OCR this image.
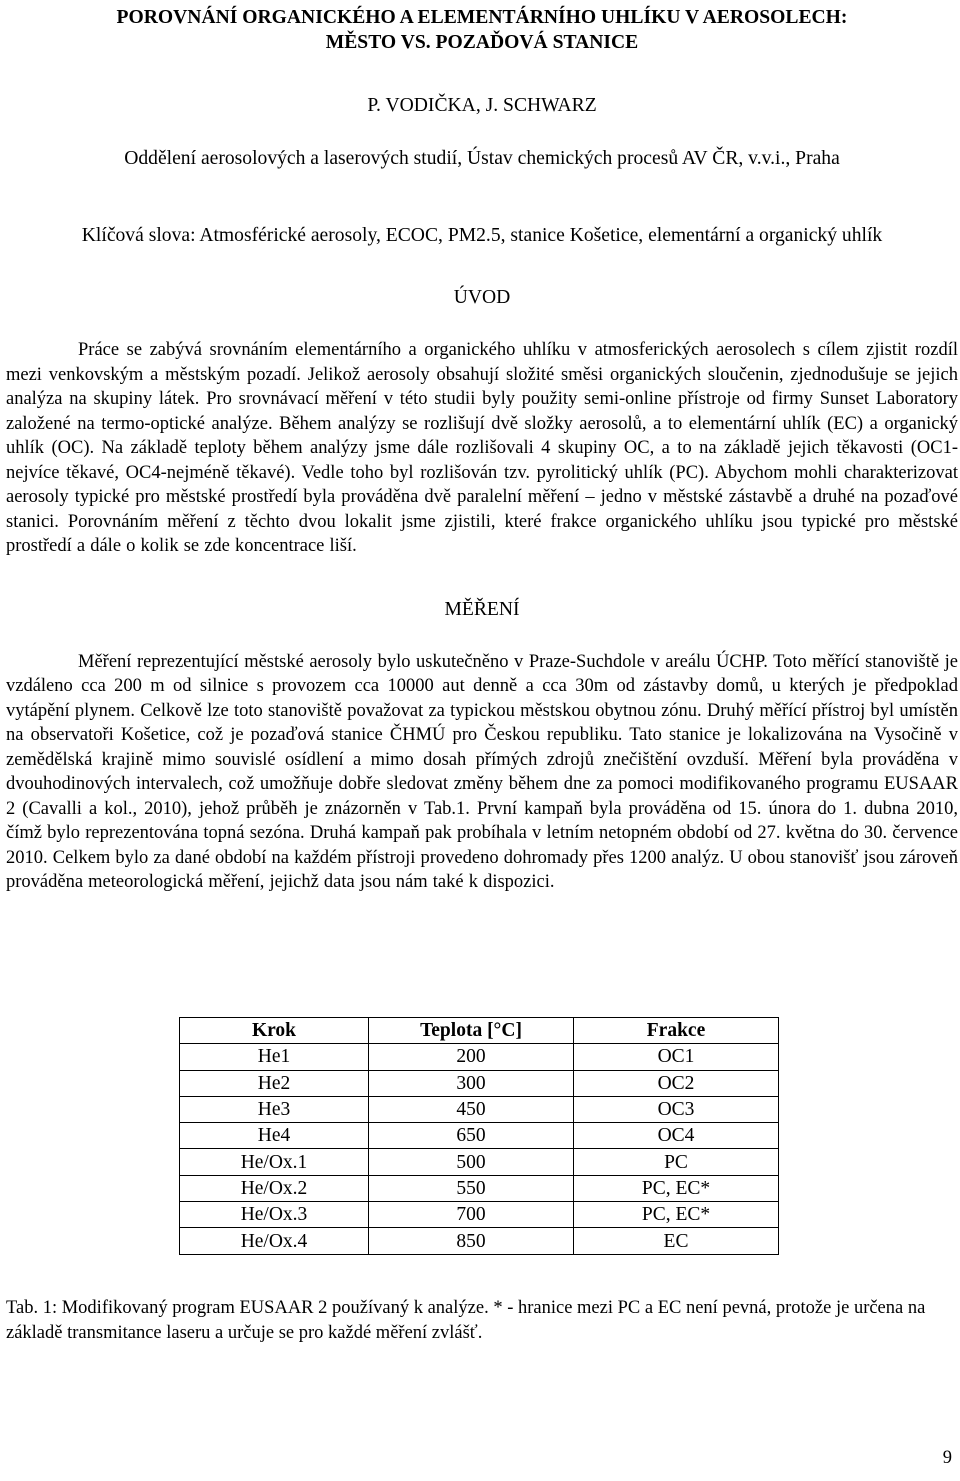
POROVNÁNÍ ORGANICKÉHO A ELEMENTÁRNÍHO UHLÍKU V AEROSOLECH:
MĚSTO VS. POZAĎOVÁ STANICE
P. VODIČKA, J. SCHWARZ
Oddělení aerosolových a laserových studií, Ústav chemických procesů AV ČR, v.v.i., Praha
Klíčová slova: Atmosférické aerosoly, ECOC, PM2.5, stanice Košetice, elementární a organický uhlík
ÚVOD
Práce se zabývá srovnáním elementárního a organického uhlíku v atmosferických aerosolech s cílem zjistit rozdíl mezi venkovským a městským pozadí. Jelikož aerosoly obsahují složité směsi organických sloučenin, zjednodušuje se jejich analýza na skupiny látek. Pro srovnávací měření v této studii byly použity semi-online přístroje od firmy Sunset Laboratory založené na termo-optické analýze. Během analýzy se rozlišují dvě složky aerosolů, a to elementární uhlík (EC) a organický uhlík (OC). Na základě teploty během analýzy jsme dále rozlišovali 4 skupiny OC, a to na základě jejich těkavosti (OC1-nejvíce těkavé, OC4-nejméně těkavé). Vedle toho byl rozlišován tzv. pyrolitický uhlík (PC). Abychom mohli charakterizovat aerosoly typické pro městské prostředí byla prováděna dvě paralelní měření – jedno v městské zástavbě a druhé na pozaďové stanici. Porovnáním měření z těchto dvou lokalit jsme zjistili, které frakce organického uhlíku jsou typické pro městské prostředí a dále o kolik se zde koncentrace liší.
MĚŘENÍ
Měření reprezentující městské aerosoly bylo uskutečněno v Praze-Suchdole v areálu ÚCHP. Toto měřící stanoviště je vzdáleno cca 200 m od silnice s provozem cca 10000 aut denně a cca 30m od zástavby domů, u kterých je předpoklad vytápění plynem. Celkově lze toto stanoviště považovat za typickou městskou obytnou zónu. Druhý měřící přístroj byl umístěn na observatoři Košetice, což je pozaďová stanice ČHMÚ pro Českou republiku. Tato stanice je lokalizována na Vysočině v zemědělská krajině mimo souvislé osídlení a mimo dosah přímých zdrojů znečištění ovzduší. Měření byla prováděna v dvouhodinových intervalech, což umožňuje dobře sledovat změny během dne za pomoci modifikovaného programu EUSAAR 2 (Cavalli a kol., 2010), jehož průběh je znázorněn v Tab.1. První kampaň byla prováděna od 15. února do 1. dubna 2010, čímž bylo reprezentována topná sezóna. Druhá kampaň pak probíhala v letním netopném období od 27. května do 30. července 2010. Celkem bylo za dané období na každém přístroji provedeno dohromady přes 1200 analýz. U obou stanovišť jsou zároveň prováděna meteorologická měření, jejichž data jsou nám také k dispozici.
Krok	Teplota [°C]	Frakce
He1	200	OC1
He2	300	OC2
He3	450	OC3
He4	650	OC4
He/Ox.1	500	PC
He/Ox.2	550	PC, EC*
He/Ox.3	700	PC, EC*
He/Ox.4	850	EC
Tab. 1: Modifikovaný program EUSAAR 2 používaný k analýze. * - hranice mezi PC a EC není pevná, protože je určena na základě transmitance laseru a určuje se pro každé měření zvlášť.
9
